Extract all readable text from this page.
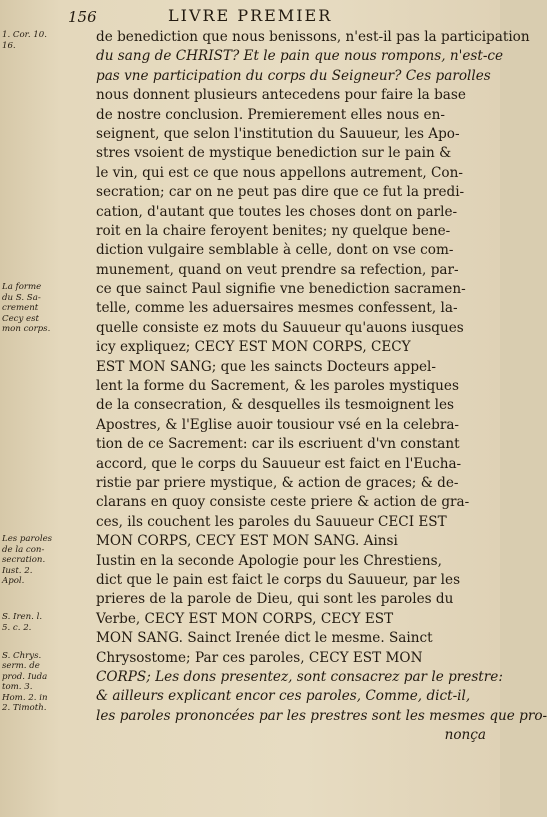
156	LIVRE PREMIER
1. Cor. 10.
16.
La forme
du S. Sa-
crement
Cecy est
mon corps.
Les paroles
de la con-
secration.
Iust. 2.
Apol.
S. Iren. l.
5. c. 2.
S. Chrys.
serm. de
prod. Iuda
tom. 3.
Hom. 2. in
2. Timoth.
de benediction que nous benissons, n'est-il pas la participation
du sang de CHRIST? Et le pain que nous rompons, n'est-ce
pas vne participation du corps du Seigneur? Ces parolles
nous donnent plusieurs antecedens pour faire la base
de nostre conclusion. Premierement elles nous en-
seignent, que selon l'institution du Sauueur, les Apo-
stres vsoient de mystique benediction sur le pain &
le vin, qui est ce que nous appellons autrement, Con-
secration; car on ne peut pas dire que ce fut la predi-
cation, d'autant que toutes les choses dont on parle-
roit en la chaire feroyent benites; ny quelque bene-
diction vulgaire semblable à celle, dont on vse com-
munement, quand on veut prendre sa refection, par-
ce que sainct Paul signifie vne benediction sacramen-
telle, comme les aduersaires mesmes confessent, la-
quelle consiste ez mots du Sauueur qu'auons iusques
icy expliquez; CECY EST MON CORPS, CECY
EST MON SANG; que les saincts Docteurs appel-
lent la forme du Sacrement, & les paroles mystiques
de la consecration, & desquelles ils tesmoignent les
Apostres, & l'Eglise auoir tousiour vsé en la celebra-
tion de ce Sacrement: car ils escriuent d'vn constant
accord, que le corps du Sauueur est faict en l'Eucha-
ristie par priere mystique, & action de graces; & de-
clarans en quoy consiste ceste priere & action de gra-
ces, ils couchent les paroles du Sauueur CECI EST
MON CORPS, CECY EST MON SANG. Ainsi
Iustin en la seconde Apologie pour les Chrestiens,
dict que le pain est faict le corps du Sauueur, par les
prieres de la parole de Dieu, qui sont les paroles du
Verbe, CECY EST MON CORPS, CECY EST
MON SANG. Sainct Irenée dict le mesme. Sainct
Chrysostome; Par ces paroles, CECY EST MON
CORPS; Les dons presentez, sont consacrez par le prestre:
& ailleurs explicant encor ces paroles, Comme, dict-il,
les paroles prononcées par les prestres sont les mesmes que pro-
nonça
